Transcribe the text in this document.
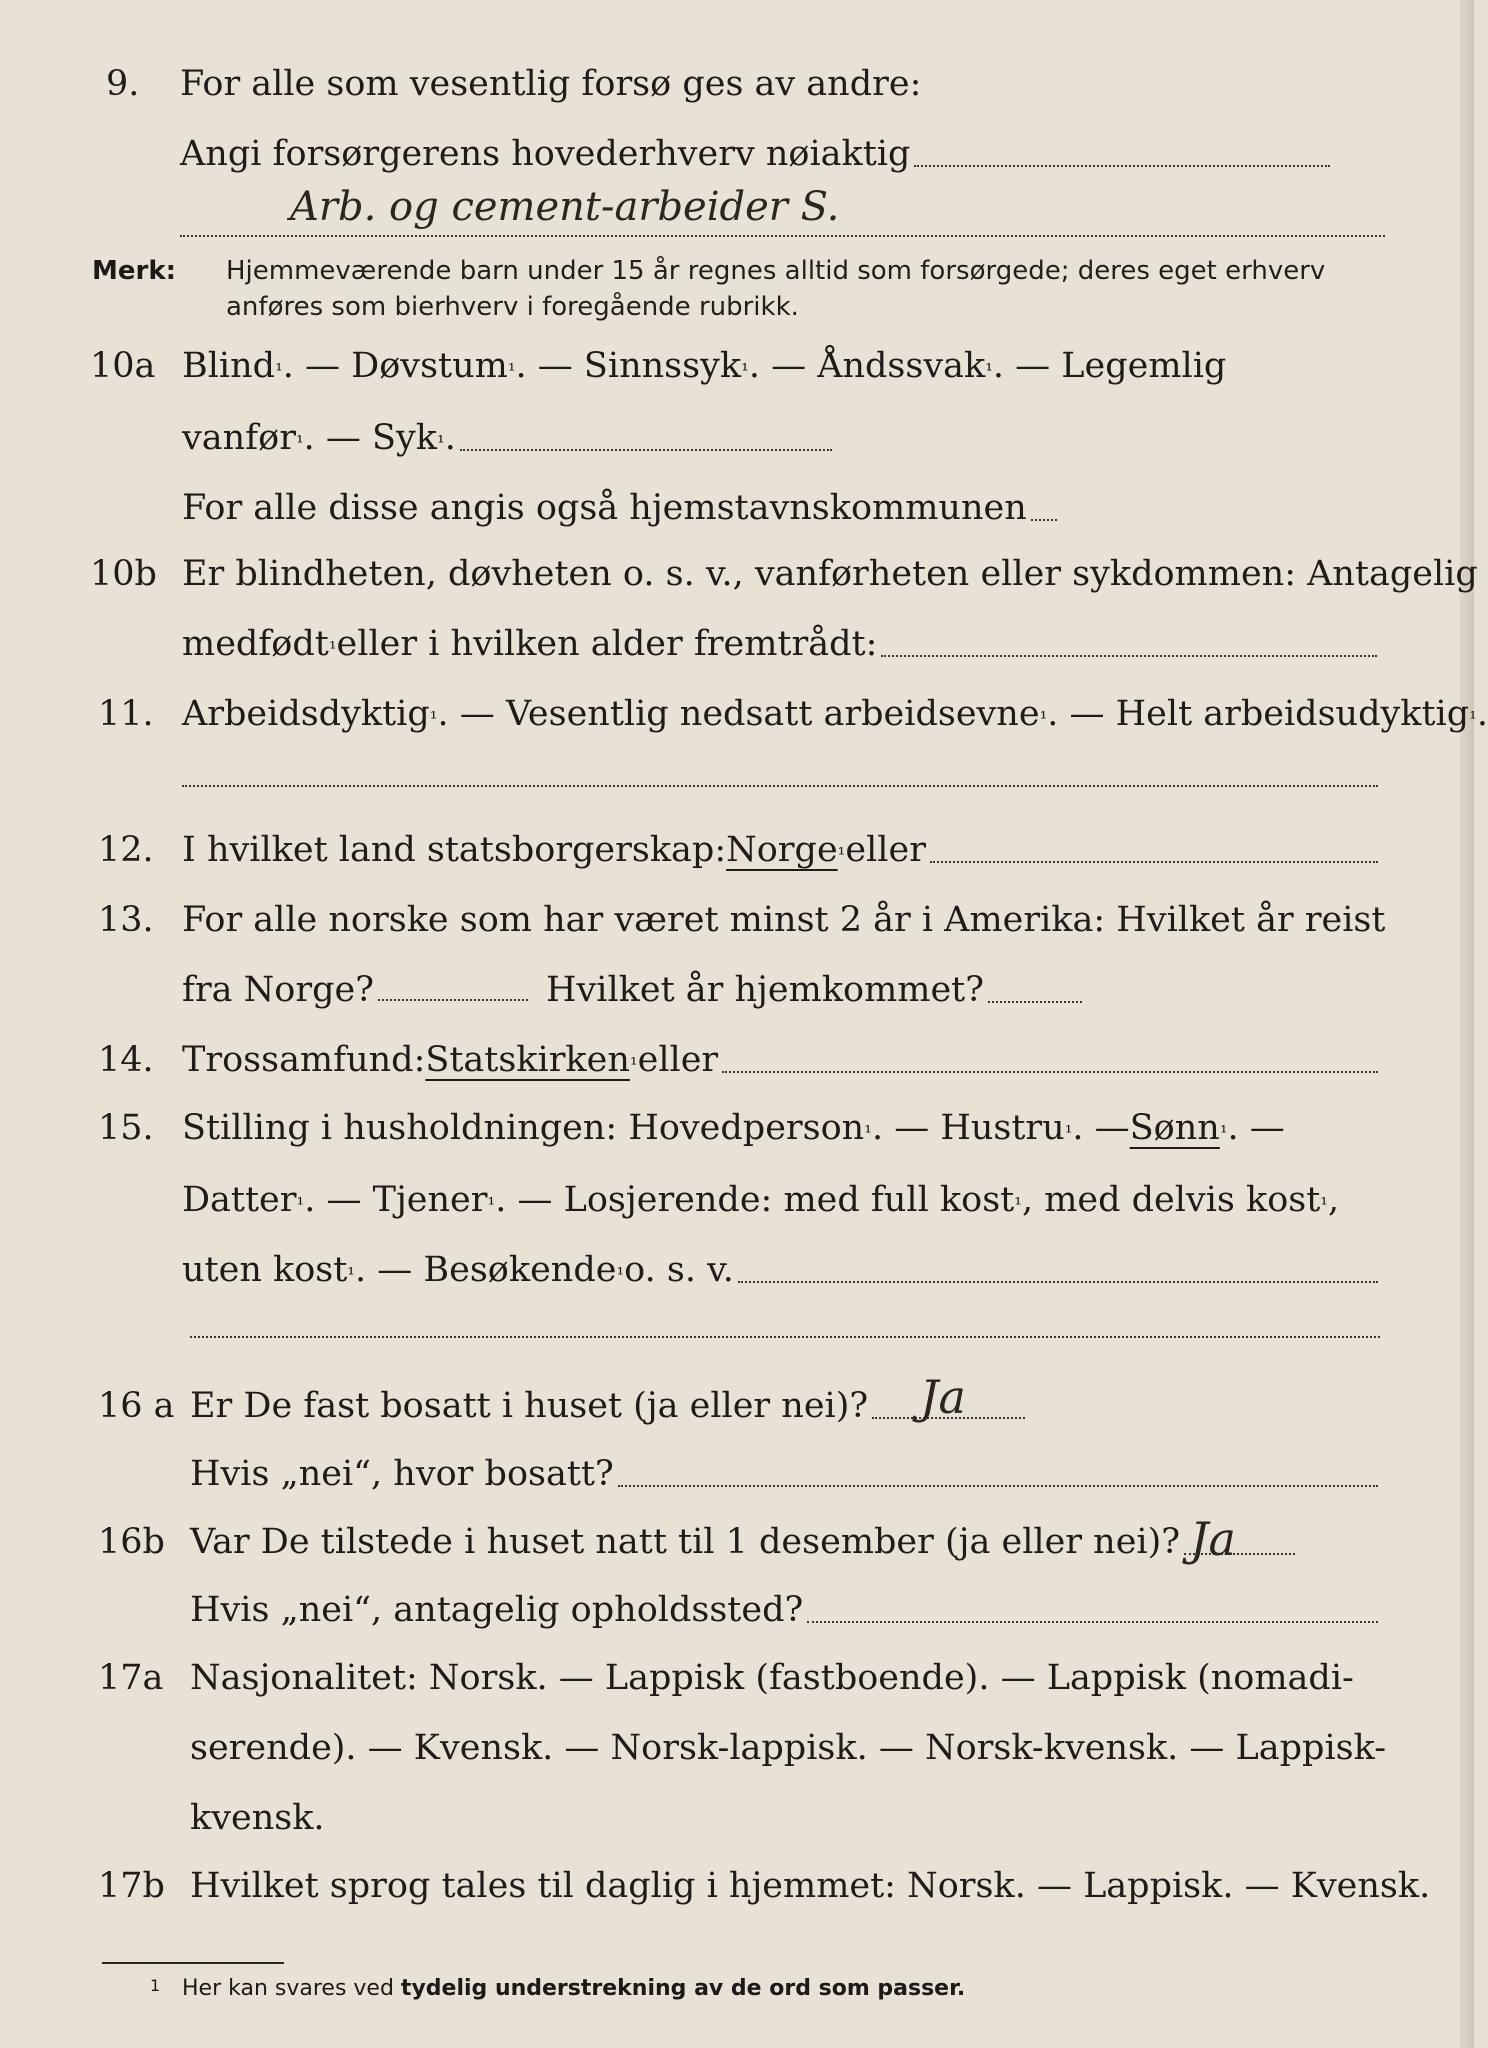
9. For alle som vesentlig forsø ges av andre:
Angi forsørgerens hovederhverv nøiaktig
Arb. og cement-arbeider S.
Merk: Hjemmeværende barn under 15 år regnes alltid som forsørgede; deres eget erhverv
anføres som bierhverv i foregående rubrikk.
10a Blind ¹ . — Døvstum ¹ . — Sinnssyk ¹ . — Åndssvak ¹ . — Legemlig
vanfør ¹ . — Syk ¹ .
For alle disse angis også hjemstavnskommunen
10b Er blindheten, døvheten o. s. v., vanførheten eller sykdommen: Antagelig
medfødt ¹ eller i hvilken alder fremtrådt:
11. Arbeidsdyktig ¹ . — Vesentlig nedsatt arbeidsevne ¹ . — Helt arbeidsudyktig ¹ .
12. I hvilket land statsborgerskap: Norge ¹ eller
13. For alle norske som har været minst 2 år i Amerika: Hvilket år reist
fra Norge?	Hvilket år hjemkommet?
14. Trossamfund: Statskirken ¹ eller
15. Stilling i husholdningen: Hovedperson ¹ . — Hustru ¹ . — Sønn ¹ . —
Datter ¹ . — Tjener ¹ . — Losjerende: med full kost ¹ , med delvis kost ¹ ,
uten kost ¹ . — Besøkende ¹ o. s. v.
16 a Er De fast bosatt i huset (ja eller nei)? Ja
Hvis „nei“, hvor bosatt?
16b Var De tilstede i huset natt til 1 desember (ja eller nei)? Ja
Hvis „nei“, antagelig opholdssted?
17a Nasjonalitet: Norsk. — Lappisk (fastboende). — Lappisk (nomadi-
serende). — Kvensk. — Norsk-lappisk. — Norsk-kvensk. — Lappisk-
kvensk.
17b Hvilket sprog tales til daglig i hjemmet: Norsk. — Lappisk. — Kvensk.
1 Her kan svares ved tydelig understrekning av de ord som passer.
